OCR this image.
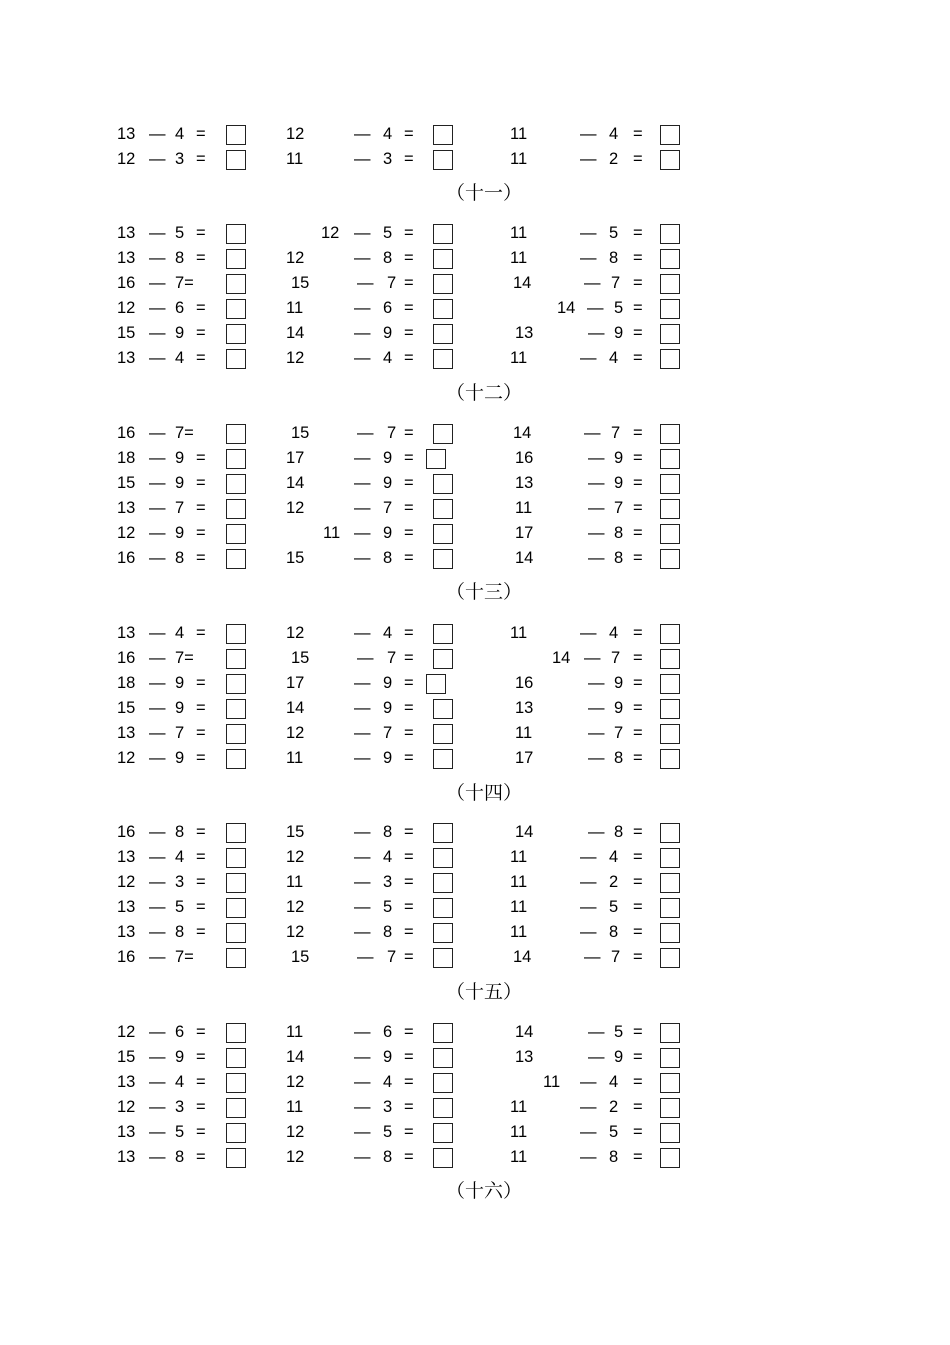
13 — 4 =	12	— 4 =	11	— 4 =
12 — 3 =	11	— 3 =	11	— 2 =
（十一）
13 — 5 =	12 — 5 =	11	— 5 =
13 — 8 =	12	— 8 =	11	— 8 =
16 — 7=	15	— 7 =	14	— 7 =
12 — 6 =	11	— 6 =	14 — 5 =
15 — 9 =	14	— 9 =	13	— 9 =
13 — 4 =	12	— 4 =	11	— 4 =
（十二）
16 — 7=	15	— 7 =	14	— 7 =
18 — 9 =	17	— 9 =	16	— 9 =
15 — 9 =	14	— 9 =	13	— 9 =
13 — 7 =	12	— 7 =	11	— 7 =
12 — 9 =	11 — 9 =	17	— 8 =
16 — 8 =	15	— 8 =	14	— 8 =
（十三）
13 — 4 =	12	— 4 =	11	— 4 =
16 — 7=	15	— 7 =	14 — 7 =
18 — 9 =	17	— 9 =	16	— 9 =
15 — 9 =	14	— 9 =	13	— 9 =
13 — 7 =	12	— 7 =	11	— 7 =
12 — 9 =	11	— 9 =	17	— 8 =
（十四）
16 — 8 =	15	— 8 =	14	— 8 =
13 — 4 =	12	— 4 =	11	— 4 =
12 — 3 =	11	— 3 =	11	— 2 =
13 — 5 =	12	— 5 =	11	— 5 =
13 — 8 =	12	— 8 =	11	— 8 =
16 — 7=	15	— 7 =	14	— 7 =
（十五）
12 — 6 =	11	— 6 =	14	— 5 =
15 — 9 =	14	— 9 =	13	— 9 =
13 — 4 =	12	— 4 =	11 — 4 =
12 — 3 =	11	— 3 =	11	— 2 =
13 — 5 =	12	— 5 =	11	— 5 =
13 — 8 =	12	— 8 =	11	— 8 =
（十六）
